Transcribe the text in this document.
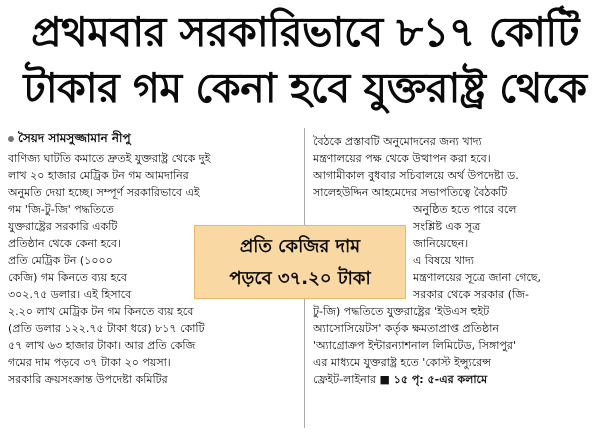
প্রথমবার সরকারিভাবে ৮১৭ কোটি
টাকার গম কেনা হবে যুক্তরাষ্ট্র থেকে
সৈয়দ সামসুজ্জামান নীপু
বাণিজ্য ঘাটতি কমাতে দ্রুতই যুক্তরাষ্ট্র থেকে দুই
লাখ ২০ হাজার মেট্রিক টন গম আমদানির
অনুমতি দেয়া হচ্ছে। সম্পূর্ণ সরকারিভাবে এই
গম 'জি-টু-জি' পদ্ধতিতে
যুক্তরাষ্ট্রের সরকারি একটি
প্রতিষ্ঠান থেকে কেনা হবে।
প্রতি মেট্রিক টন (১০০০
কেজি) গম কিনতে ব্যয় হবে
৩০২.৭৫ ডলার। এই হিসাবে
২.২০ লাখ মেট্রিক টন গম কিনতে ব্যয় হবে
(প্রতি ডলার ১২২.৭৫ টাকা ধরে) ৮১৭ কোটি
৫৭ লাখ ৬৩ হাজার টাকা। আর প্রতি কেজি
গমের দাম পড়বে ৩৭ টাকা ২০ পয়সা।
সরকারি ক্রয়সংক্রান্ত উপদেষ্টা কমিটির
বৈঠকে প্রস্তাবটি অনুমোদনের জন্য খাদ্য
মন্ত্রণালয়ের পক্ষ থেকে উত্থাপন করা হবে।
আগামীকাল বুধবার সচিবালয়ে অর্থ উপদেষ্টা ড.
সালেহউদ্দিন আহমেদের সভাপতিত্বে বৈঠকটি
অনুষ্ঠিত হতে পারে বলে
সংশ্লিষ্ট এক সূত্র
জানিয়েছেন।
এ বিষয়ে খাদ্য
মন্ত্রণালয়ের সূত্রে জানা গেছে,
সরকার থেকে সরকার (জি-
টু-জি) পদ্ধতিতে যুক্তরাষ্ট্রের 'ইউএস হুইট
অ্যাসোসিয়েটস' কর্তৃক ক্ষমতাপ্রাপ্ত প্রতিষ্ঠান
'অ্যাগ্রোক্রপ ইন্টারন্যাশনাল লিমিটেড, সিঙ্গাপুর'
এর মাধ্যমে যুক্তরাষ্ট্র হতে 'কোস্ট ইন্স্যুরেন্স
ফ্রেইট-লাইনার ■ ১৫ পৃ: ৫-এর কলামে
প্রতি কেজির দাম
পড়বে ৩৭.২০ টাকা
